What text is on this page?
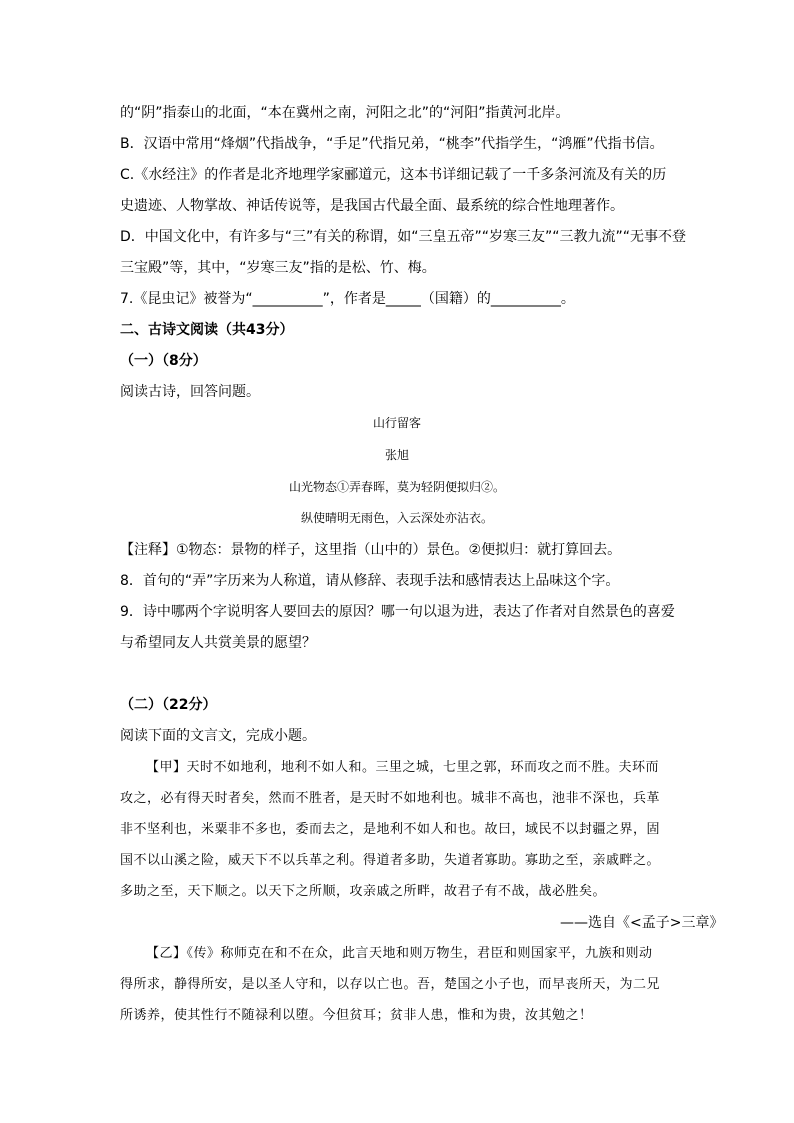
的“阴”指泰山的北面，“本在冀州之南，河阳之北”的“河阳”指黄河北岸。
B．汉语中常用“烽烟”代指战争，“手足”代指兄弟，“桃李”代指学生，“鸿雁”代指书信。
C.《水经注》的作者是北齐地理学家郦道元，这本书详细记载了一千多条河流及有关的历
史遗迹、人物掌故、神话传说等，是我国古代最全面、最系统的综合性地理著作。
D．中国文化中，有许多与“三”有关的称谓，如“三皇五帝”“岁寒三友”“三教九流”“无事不登
三宝殿”等，其中，“岁寒三友”指的是松、竹、梅。
7.《昆虫记》被誉为“__________”，作者是_____（国籍）的__________。
二、古诗文阅读（共43分）
（一）（8分）
阅读古诗，回答问题。
山行留客
张旭
山光物态①弄春晖，莫为轻阴便拟归②。
纵使晴明无雨色，入云深处亦沾衣。
【注释】①物态：景物的样子，这里指（山中的）景色。②便拟归：就打算回去。
8．首句的“弄”字历来为人称道，请从修辞、表现手法和感情表达上品味这个字。
9．诗中哪两个字说明客人要回去的原因？哪一句以退为进，表达了作者对自然景色的喜爱
与希望同友人共赏美景的愿望？
（二）（22分）
阅读下面的文言文，完成小题。
【甲】天时不如地利，地利不如人和。三里之城，七里之郭，环而攻之而不胜。夫环而
攻之，必有得天时者矣，然而不胜者，是天时不如地利也。城非不高也，池非不深也，兵革
非不坚利也，米粟非不多也，委而去之，是地利不如人和也。故曰，域民不以封疆之界，固
国不以山溪之险，威天下不以兵革之利。得道者多助，失道者寡助。寡助之至，亲戚畔之。
多助之至，天下顺之。以天下之所顺，攻亲戚之所畔，故君子有不战，战必胜矣。
——选自《<孟子>三章》
【乙】《传》称师克在和不在众，此言天地和则万物生，君臣和则国家平，九族和则动
得所求，静得所安，是以圣人守和，以存以亡也。吾，楚国之小子也，而早丧所天，为二兄
所诱养，使其性行不随禄利以堕。今但贫耳；贫非人患，惟和为贵，汝其勉之！
